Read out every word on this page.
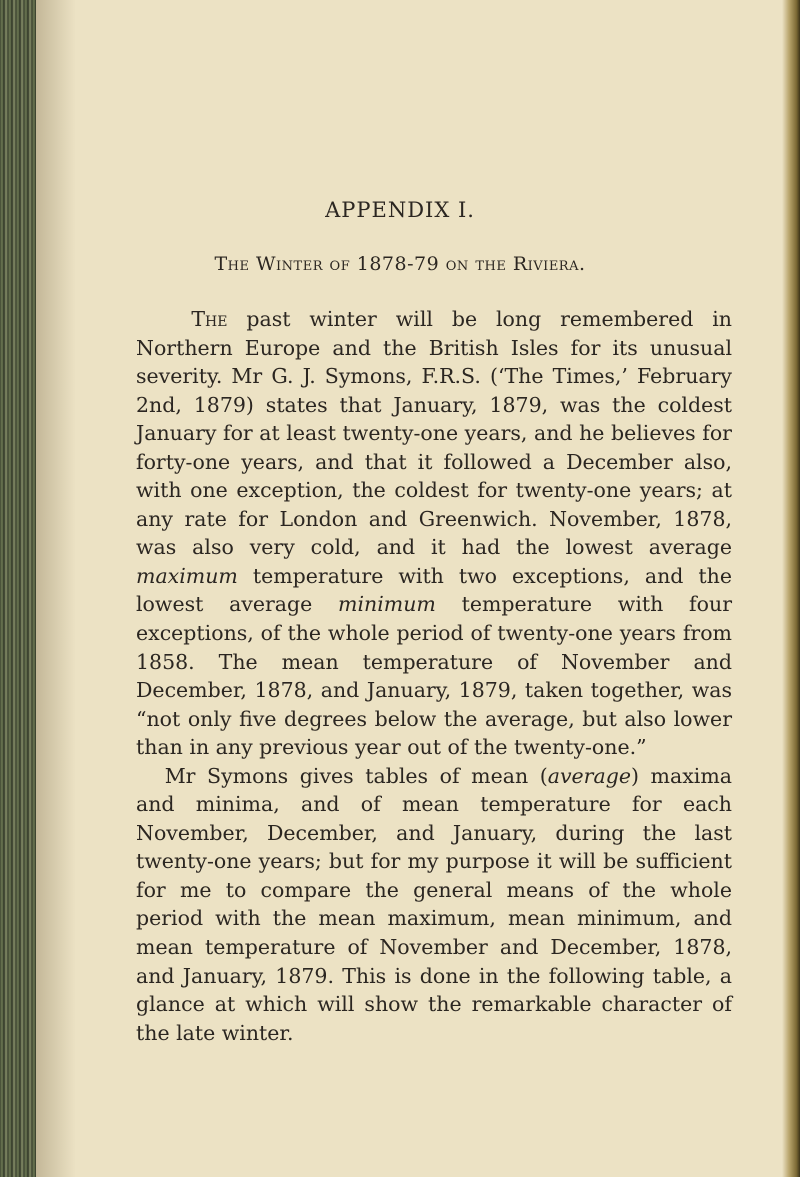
APPENDIX I.
The Winter of 1878-79 on the Riviera.

The past winter will be long remembered in Northern Europe and the British Isles for its unusual severity. Mr G. J. Symons, F.R.S. (‘The Times,’ February 2nd, 1879) states that January, 1879, was the coldest January for at least twenty-one years, and he believes for forty-one years, and that it followed a December also, with one exception, the coldest for twenty-one years; at any rate for London and Greenwich. November, 1878, was also very cold, and it had the lowest average maximum temperature with two exceptions, and the lowest average minimum temperature with four exceptions, of the whole period of twenty-one years from 1858. The mean temperature of November and December, 1878, and January, 1879, taken together, was “not only five degrees below the average, but also lower than in any previous year out of the twenty-one.”

Mr Symons gives tables of mean (average) maxima and minima, and of mean temperature for each November, December, and January, during the last twenty-one years; but for my purpose it will be sufficient for me to compare the general means of the whole period with the mean maximum, mean minimum, and mean temperature of November and December, 1878, and January, 1879. This is done in the following table, a glance at which will show the remarkable character of the late winter.
